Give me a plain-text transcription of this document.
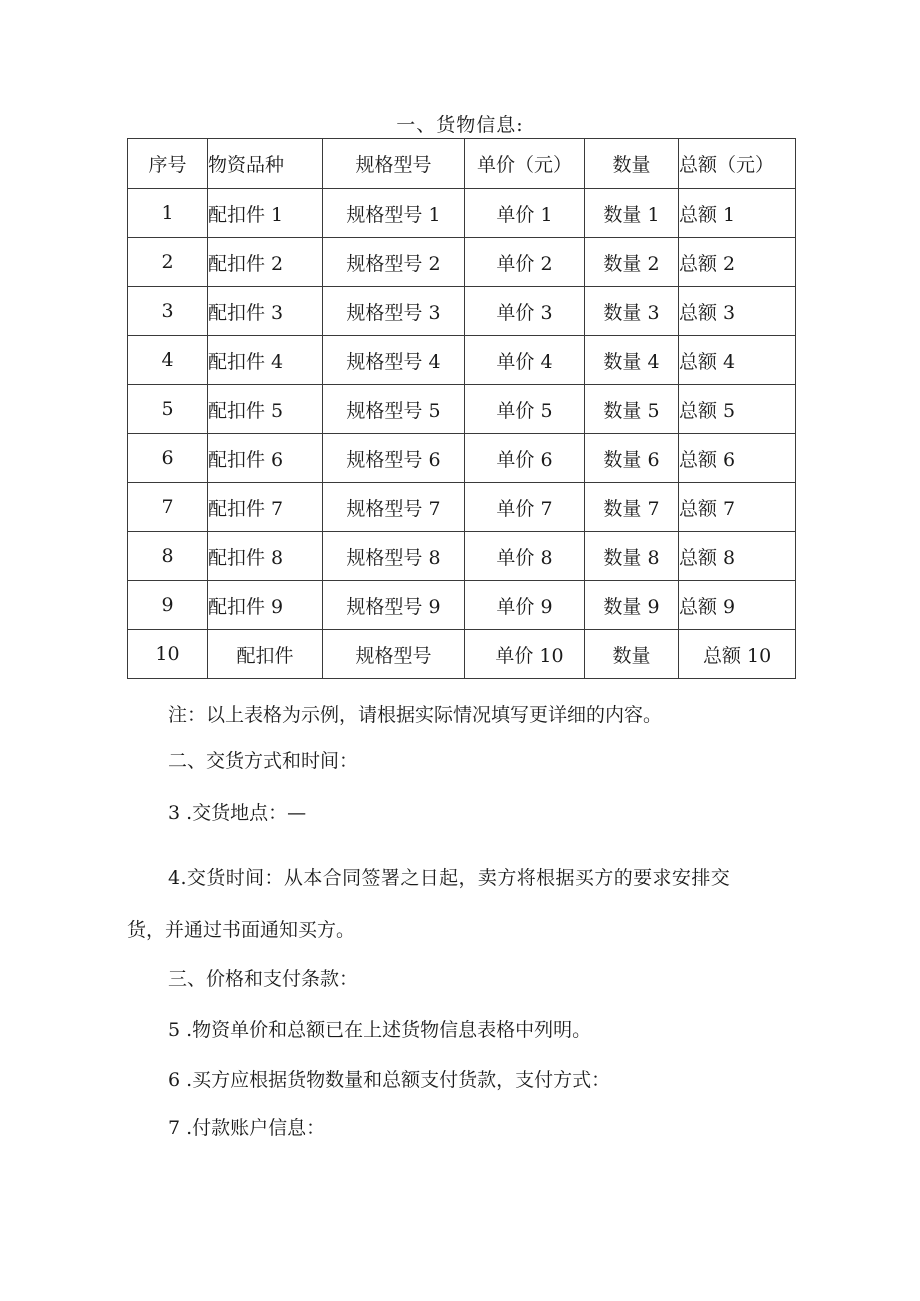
一、货物信息:
序号	物资品种	规格型号	单价（元）	数量	总额（元）
1	配扣件 1	规格型号 1	单价 1	数量 1	总额 1
2	配扣件 2	规格型号 2	单价 2	数量 2	总额 2
3	配扣件 3	规格型号 3	单价 3	数量 3	总额 3
4	配扣件 4	规格型号 4	单价 4	数量 4	总额 4
5	配扣件 5	规格型号 5	单价 5	数量 5	总额 5
6	配扣件 6	规格型号 6	单价 6	数量 6	总额 6
7	配扣件 7	规格型号 7	单价 7	数量 7	总额 7
8	配扣件 8	规格型号 8	单价 8	数量 8	总额 8
9	配扣件 9	规格型号 9	单价 9	数量 9	总额 9
10	配扣件	规格型号	单价 10	数量	总额 10
注：以上表格为示例，请根据实际情况填写更详细的内容。
二、交货方式和时间：
3 .交货地点：—
4.交货时间：从本合同签署之日起，卖方将根据买方的要求安排交
货，并通过书面通知买方。
三、价格和支付条款：
5 .物资单价和总额已在上述货物信息表格中列明。
6 .买方应根据货物数量和总额支付货款，支付方式：
7 .付款账户信息：
